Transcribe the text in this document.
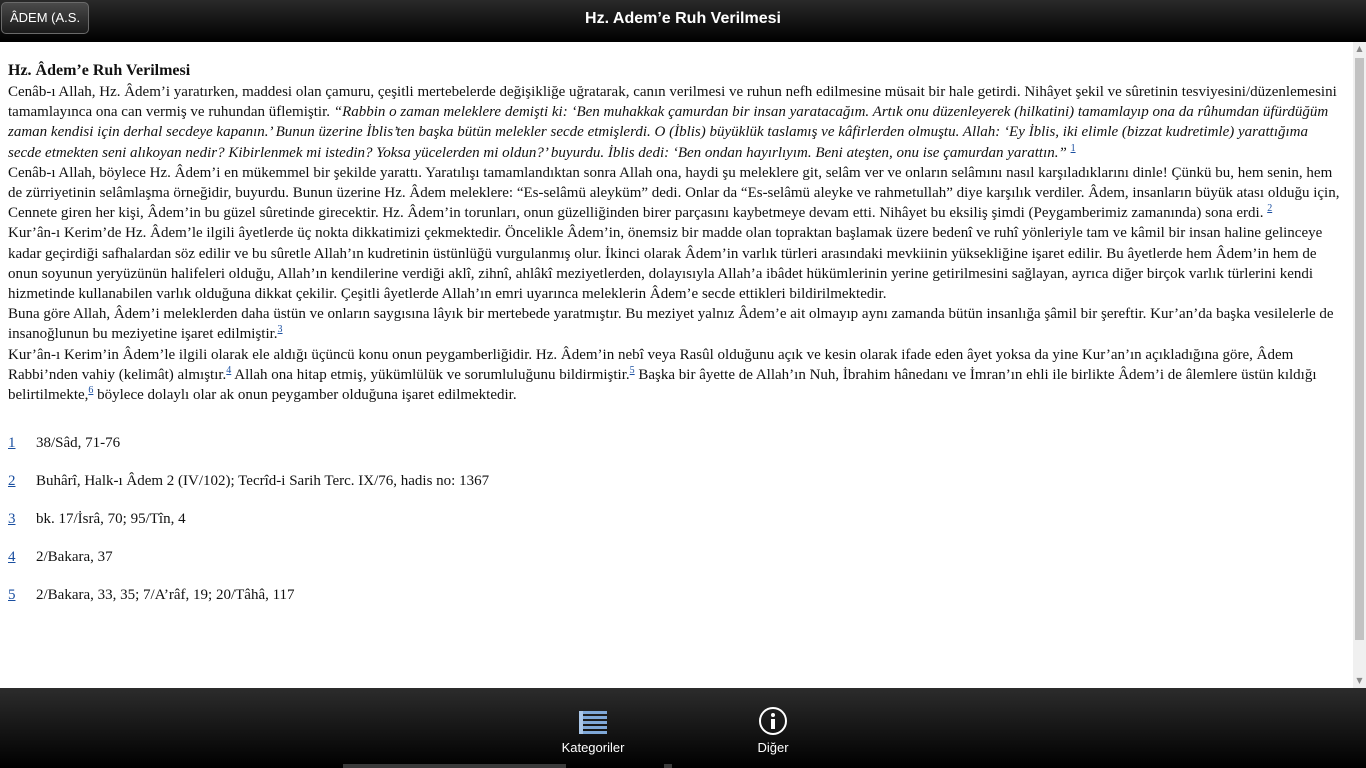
ÂDEM (A.S.	Hz. Adem’e Ruh Verilmesi

Hz. Âdem’e Ruh Verilmesi

Cenâb-ı Allah, Hz. Âdem’i yaratırken, maddesi olan çamuru, çeşitli mertebelerde değişikliğe uğratarak, canın verilmesi ve ruhun nefh edilmesine müsait bir hale getirdi. Nihâyet şekil ve sûretinin tesviyesini/düzenlemesini tamamlayınca ona can vermiş ve ruhundan üflemiştir. “Rabbin o zaman meleklere demişti ki: ‘Ben muhakkak çamurdan bir insan yaratacağım. Artık onu düzenleyerek (hilkatini) tamamlayıp ona da rûhumdan üfürdüğüm zaman kendisi için derhal secdeye kapanın.’ Bunun üzerine İblis’ten başka bütün melekler secde etmişlerdi. O (İblis) büyüklük taslamış ve kâfirlerden olmuştu. Allah: ‘Ey İblis, iki elimle (bizzat kudretimle) yarattığıma secde etmekten seni alıkoyan nedir? Kibirlenmek mi istedin? Yoksa yücelerden mi oldun?’ buyurdu. İblis dedi: ‘Ben ondan hayırlıyım. Beni ateşten, onu ise çamurdan yarattın.” $^1$

Cenâb-ı Allah, böylece Hz. Âdem’i en mükemmel bir şekilde yarattı. Yaratılışı tamamlandıktan sonra Allah ona, haydi şu meleklere git, selâm ver ve onların selâmını nasıl karşıladıklarını dinle! Çünkü bu, hem senin, hem de zürriyetinin selâmlaşma örneğidir, buyurdu. Bunun üzerine Hz. Âdem meleklere: “Es-selâmü aleyküm” dedi. Onlar da “Es-selâmü aleyke ve rahmetullah” diye karşılık verdiler. Âdem, insanların büyük atası olduğu için, Cennete giren her kişi, Âdem’in bu güzel sûretinde girecektir. Hz. Âdem’in torunları, onun güzelliğinden birer parçasını kaybetmeye devam etti. Nihâyet bu eksiliş şimdi (Peygamberimiz zamanında) sona erdi. $^2$

Kur’ân-ı Kerim’de Hz. Âdem’le ilgili âyetlerde üç nokta dikkatimizi çekmektedir. Öncelikle Âdem’in, önemsiz bir madde olan topraktan başlamak üzere bedenî ve ruhî yönleriyle tam ve kâmil bir insan haline gelinceye kadar geçirdiği safhalardan söz edilir ve bu sûretle Allah’ın kudretinin üstünlüğü vurgulanmış olur. İkinci olarak Âdem’in varlık türleri arasındaki mevkiinin yüksekliğine işaret edilir. Bu âyetlerde hem Âdem’in hem de onun soyunun yeryüzünün halifeleri olduğu, Allah’ın kendilerine verdiği aklî, zihnî, ahlâkî meziyetlerden, dolayısıyla Allah’a ibâdet hükümlerinin yerine getirilmesini sağlayan, ayrıca diğer birçok varlık türlerini kendi hizmetinde kullanabilen varlık olduğuna dikkat çekilir. Çeşitli âyetlerde Allah’ın emri uyarınca meleklerin Âdem’e secde ettikleri bildirilmektedir.

Buna göre Allah, Âdem’i meleklerden daha üstün ve onların saygısına lâyık bir mertebede yaratmıştır. Bu meziyet yalnız Âdem’e ait olmayıp aynı zamanda bütün insanlığa şâmil bir şereftir. Kur’an’da başka vesilelerle de insanoğlunun bu meziyetine işaret edilmiştir.$^3$

Kur’ân-ı Kerim’in Âdem’le ilgili olarak ele aldığı üçüncü konu onun peygamberliğidir. Hz. Âdem’in nebî veya Rasûl olduğunu açık ve kesin olarak ifade eden âyet yoksa da yine Kur’an’ın açıkladığına göre, Âdem Rabbi’nden vahiy (kelimât) almıştır.$^4$ Allah ona hitap etmiş, yükümlülük ve sorumluluğunu bildirmiştir.$^5$ Başka bir âyette de Allah’ın Nuh, İbrahim hânedanı ve İmran’ın ehli ile birlikte Âdem’i de âlemlere üstün kıldığı belirtilmekte,$^6$ böylece dolaylı olar ak onun peygamber olduğuna işaret edilmektedir.

1	38/Sâd, 71-76
2	Buhârî, Halk-ı Âdem 2 (IV/102); Tecrîd-i Sarih Terc. IX/76, hadis no: 1367
3	bk. 17/İsrâ, 70; 95/Tîn, 4
4	2/Bakara, 37
5	2/Bakara, 33, 35; 7/A’râf, 19; 20/Tâhâ, 117
▲
▼
Kategoriler	Diğer
